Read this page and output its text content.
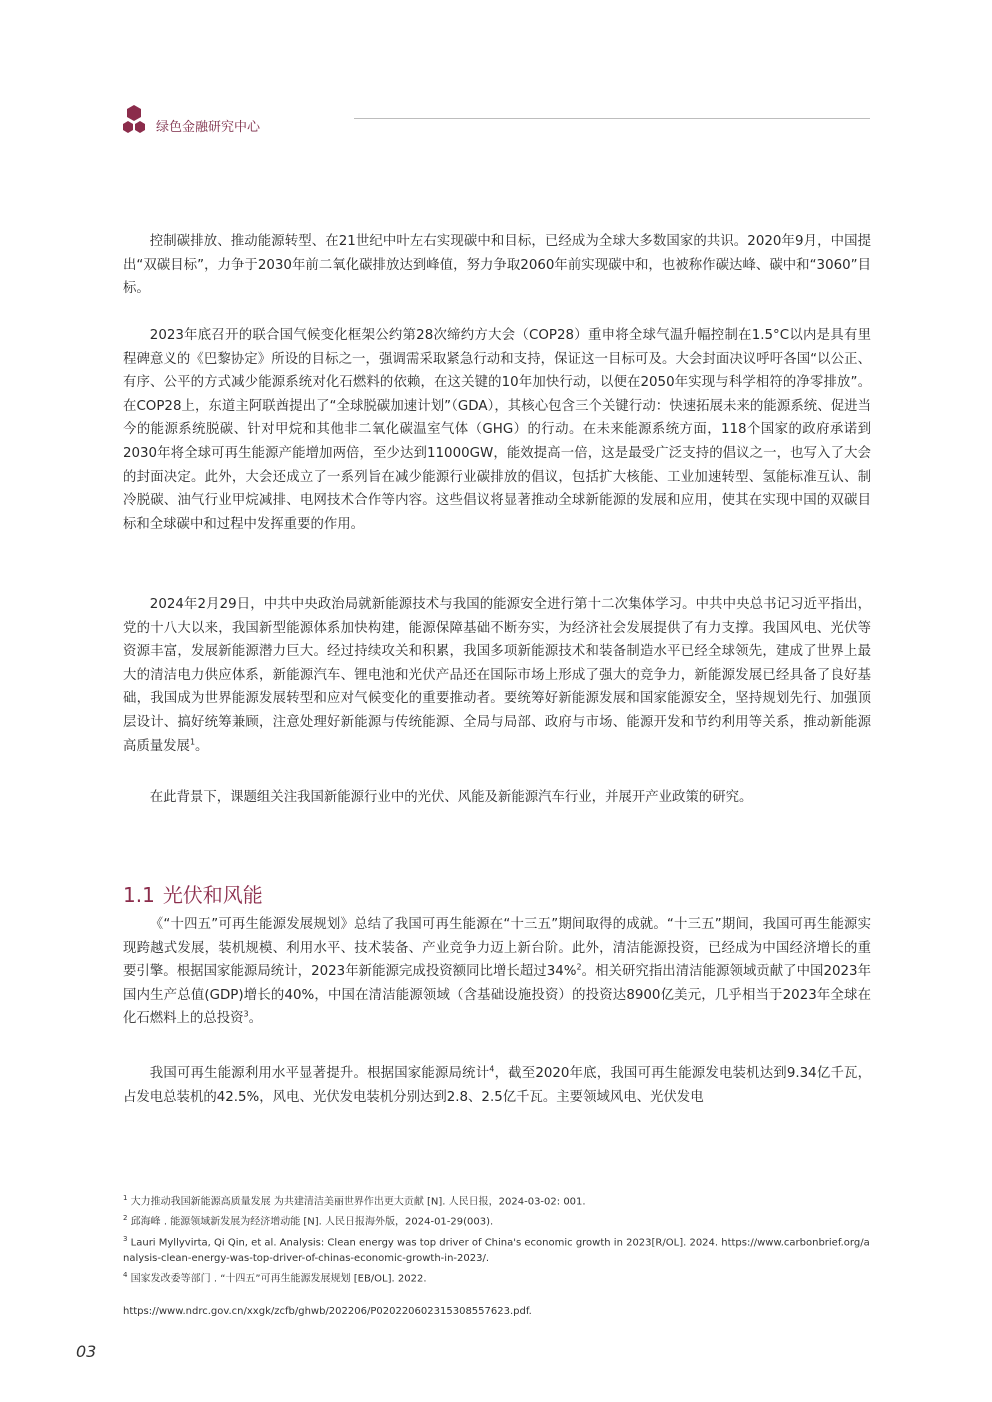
绿色金融研究中心

控制碳排放、推动能源转型、在21世纪中叶左右实现碳中和目标，已经成为全球大多数国家的共识。2020年9月，中国提出“双碳目标”，力争于2030年前二氧化碳排放达到峰值，努力争取2060年前实现碳中和，也被称作碳达峰、碳中和“3060”目标。

2023年底召开的联合国气候变化框架公约第28次缔约方大会（COP28）重申将全球气温升幅控制在1.5°C以内是具有里程碑意义的《巴黎协定》所设的目标之一，强调需采取紧急行动和支持，保证这一目标可及。大会封面决议呼吁各国“以公正、有序、公平的方式减少能源系统对化石燃料的依赖，在这关键的10年加快行动，以便在2050年实现与科学相符的净零排放”。在COP28上，东道主阿联酋提出了“全球脱碳加速计划”（GDA），其核心包含三个关键行动：快速拓展未来的能源系统、促进当今的能源系统脱碳、针对甲烷和其他非二氧化碳温室气体（GHG）的行动。在未来能源系统方面，118个国家的政府承诺到2030年将全球可再生能源产能增加两倍，至少达到11000GW，能效提高一倍，这是最受广泛支持的倡议之一，也写入了大会的封面决定。此外，大会还成立了一系列旨在减少能源行业碳排放的倡议，包括扩大核能、工业加速转型、氢能标准互认、制冷脱碳、油气行业甲烷减排、电网技术合作等内容。这些倡议将显著推动全球新能源的发展和应用，使其在实现中国的双碳目标和全球碳中和过程中发挥重要的作用。

2024年2月29日，中共中央政治局就新能源技术与我国的能源安全进行第十二次集体学习。中共中央总书记习近平指出，党的十八大以来，我国新型能源体系加快构建，能源保障基础不断夯实，为经济社会发展提供了有力支撑。我国风电、光伏等资源丰富，发展新能源潜力巨大。经过持续攻关和积累，我国多项新能源技术和装备制造水平已经全球领先，建成了世界上最大的清洁电力供应体系，新能源汽车、锂电池和光伏产品还在国际市场上形成了强大的竞争力，新能源发展已经具备了良好基础，我国成为世界能源发展转型和应对气候变化的重要推动者。要统筹好新能源发展和国家能源安全，坚持规划先行、加强顶层设计、搞好统筹兼顾，注意处理好新能源与传统能源、全局与局部、政府与市场、能源开发和节约利用等关系，推动新能源高质量发展$^1$。

在此背景下，课题组关注我国新能源行业中的光伏、风能及新能源汽车行业，并展开产业政策的研究。

1.1 光伏和风能

《“十四五”可再生能源发展规划》总结了我国可再生能源在“十三五”期间取得的成就。“十三五”期间，我国可再生能源实现跨越式发展，装机规模、利用水平、技术装备、产业竞争力迈上新台阶。此外，清洁能源投资，已经成为中国经济增长的重要引擎。根据国家能源局统计，2023年新能源完成投资额同比增长超过34%$^2$。相关研究指出清洁能源领域贡献了中国2023年国内生产总值(GDP)增长的40%，中国在清洁能源领域（含基础设施投资）的投资达8900亿美元，几乎相当于2023年全球在化石燃料上的总投资$^3$。

我国可再生能源利用水平显著提升。根据国家能源局统计$^4$，截至2020年底，我国可再生能源发电装机达到9.34亿千瓦，占发电总装机的42.5%，风电、光伏发电装机分别达到2.8、2.5亿千瓦。主要领域风电、光伏发电

$^1$ 大力推动我国新能源高质量发展 为共建清洁美丽世界作出更大贡献 [N]. 人民日报，2024-03-02: 001.

$^2$ 邱海峰 . 能源领域新发展为经济增动能 [N]. 人民日报海外版，2024-01-29(003).

$^3$ Lauri Myllyvirta, Qi Qin, et al. Analysis: Clean energy was top driver of China's economic growth in 2023[R/OL]. 2024. https://www.carbonbrief.org/analysis-clean-energy-was-top-driver-of-chinas-economic-growth-in-2023/.

$^4$ 国家发改委等部门 . “十四五”可再生能源发展规划 [EB/OL]. 2022.

https://www.ndrc.gov.cn/xxgk/zcfb/ghwb/202206/P020220602315308557623.pdf.
03
